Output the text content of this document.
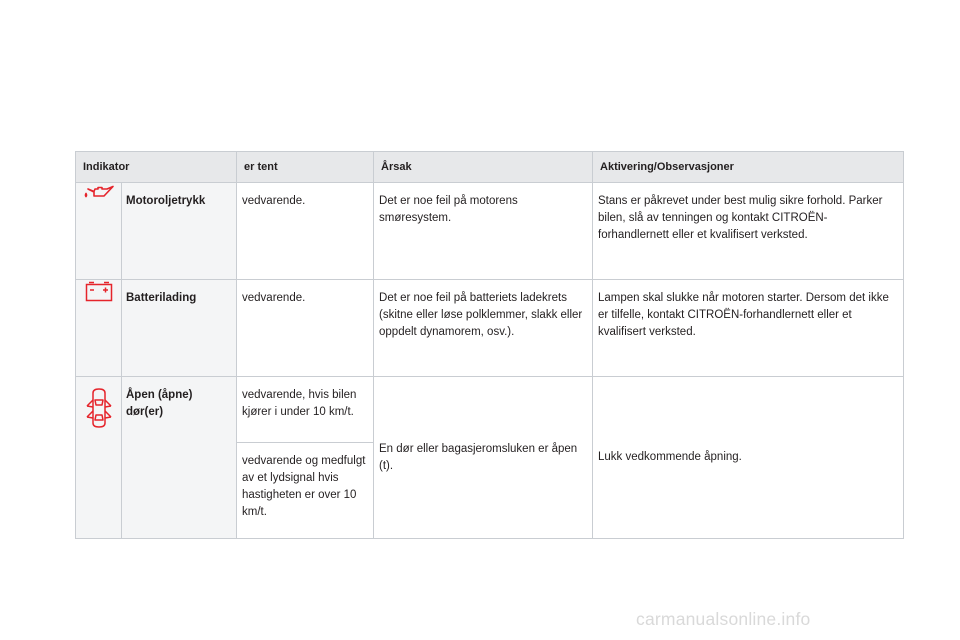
Indikator		er tent	Årsak	Aktivering/Observasjoner
	Motoroljetrykk	vedvarende.	Det er noe feil på motorens smøresystem.	Stans er påkrevet under best mulig sikre forhold. Parker bilen, slå av tenningen og kontakt CITROËN-forhandlernett eller et kvalifisert verksted.
	Batterilading	vedvarende.	Det er noe feil på batteriets ladekrets (skitne eller løse polklemmer, slakk eller oppdelt dynamorem, osv.).	Lampen skal slukke når motoren starter. Dersom det ikke er tilfelle, kontakt CITROËN-forhandlernett eller et kvalifisert verksted.
	Åpen (åpne) dør(er)	vedvarende, hvis bilen kjører i under 10 km/t.	En dør eller bagasjeromsluken er åpen (t).	Lukk vedkommende åpning.
		vedvarende og medfulgt av et lydsignal hvis hastigheten er over 10 km/t.		
carmanualsonline.info
